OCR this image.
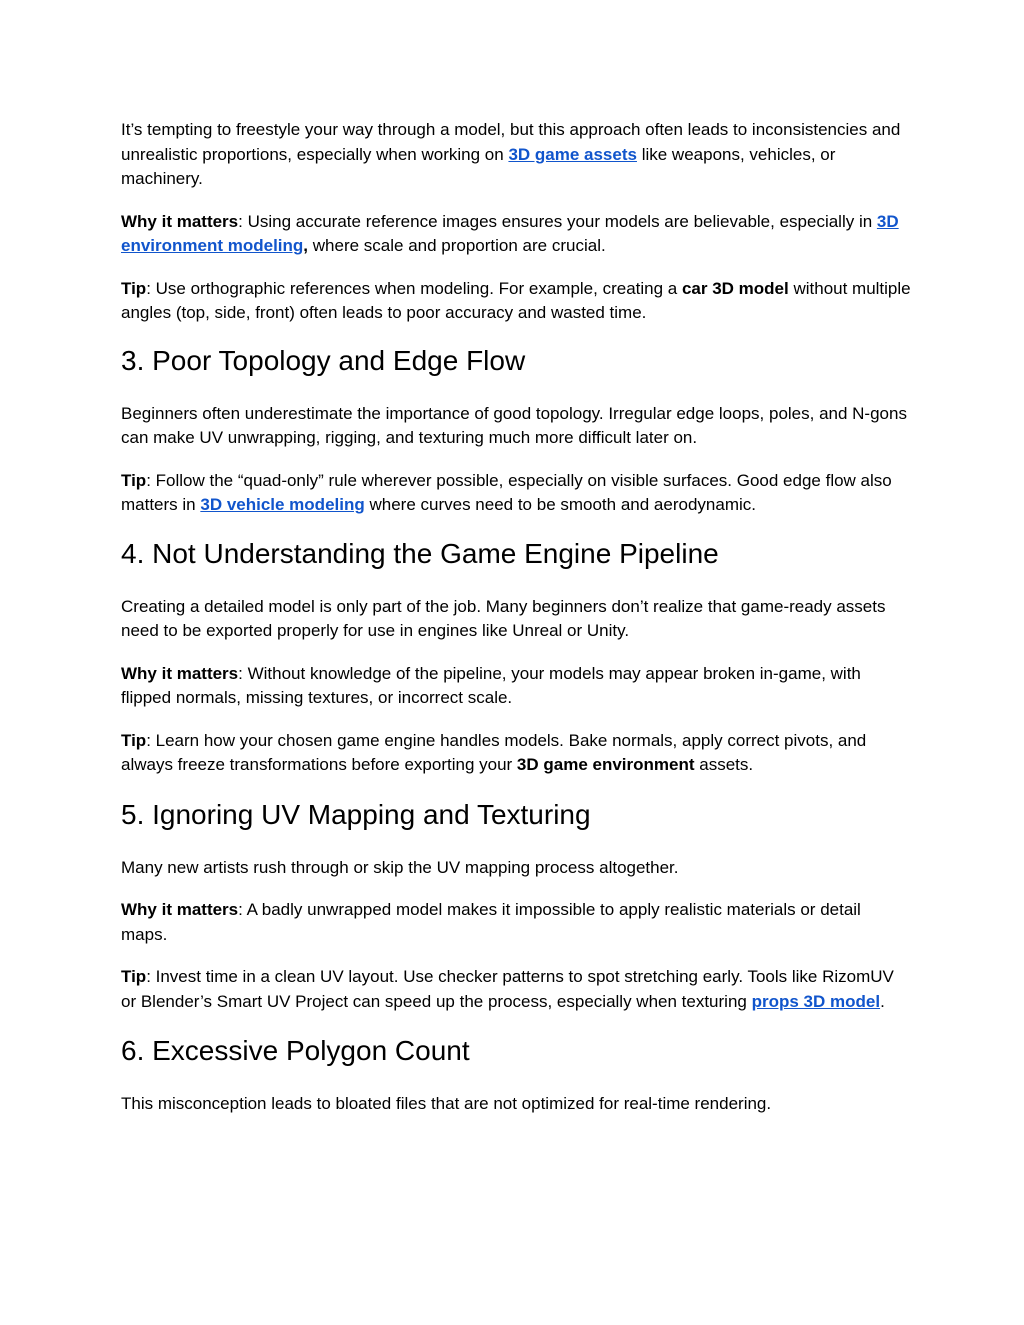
It’s tempting to freestyle your way through a model, but this approach often leads to inconsistencies and unrealistic proportions, especially when working on 3D game assets like weapons, vehicles, or machinery.

Why it matters: Using accurate reference images ensures your models are believable, especially in 3D environment modeling, where scale and proportion are crucial.

Tip: Use orthographic references when modeling. For example, creating a car 3D model without multiple angles (top, side, front) often leads to poor accuracy and wasted time.

3. Poor Topology and Edge Flow

Beginners often underestimate the importance of good topology. Irregular edge loops, poles, and N-gons can make UV unwrapping, rigging, and texturing much more difficult later on.

Tip: Follow the “quad-only” rule wherever possible, especially on visible surfaces. Good edge flow also matters in 3D vehicle modeling where curves need to be smooth and aerodynamic.

4. Not Understanding the Game Engine Pipeline

Creating a detailed model is only part of the job. Many beginners don’t realize that game-ready assets need to be exported properly for use in engines like Unreal or Unity.

Why it matters: Without knowledge of the pipeline, your models may appear broken in-game, with flipped normals, missing textures, or incorrect scale.

Tip: Learn how your chosen game engine handles models. Bake normals, apply correct pivots, and always freeze transformations before exporting your 3D game environment assets.

5. Ignoring UV Mapping and Texturing

Many new artists rush through or skip the UV mapping process altogether.

Why it matters: A badly unwrapped model makes it impossible to apply realistic materials or detail maps.

Tip: Invest time in a clean UV layout. Use checker patterns to spot stretching early. Tools like RizomUV or Blender’s Smart UV Project can speed up the process, especially when texturing props 3D model.

6. Excessive Polygon Count

This misconception leads to bloated files that are not optimized for real-time rendering.
